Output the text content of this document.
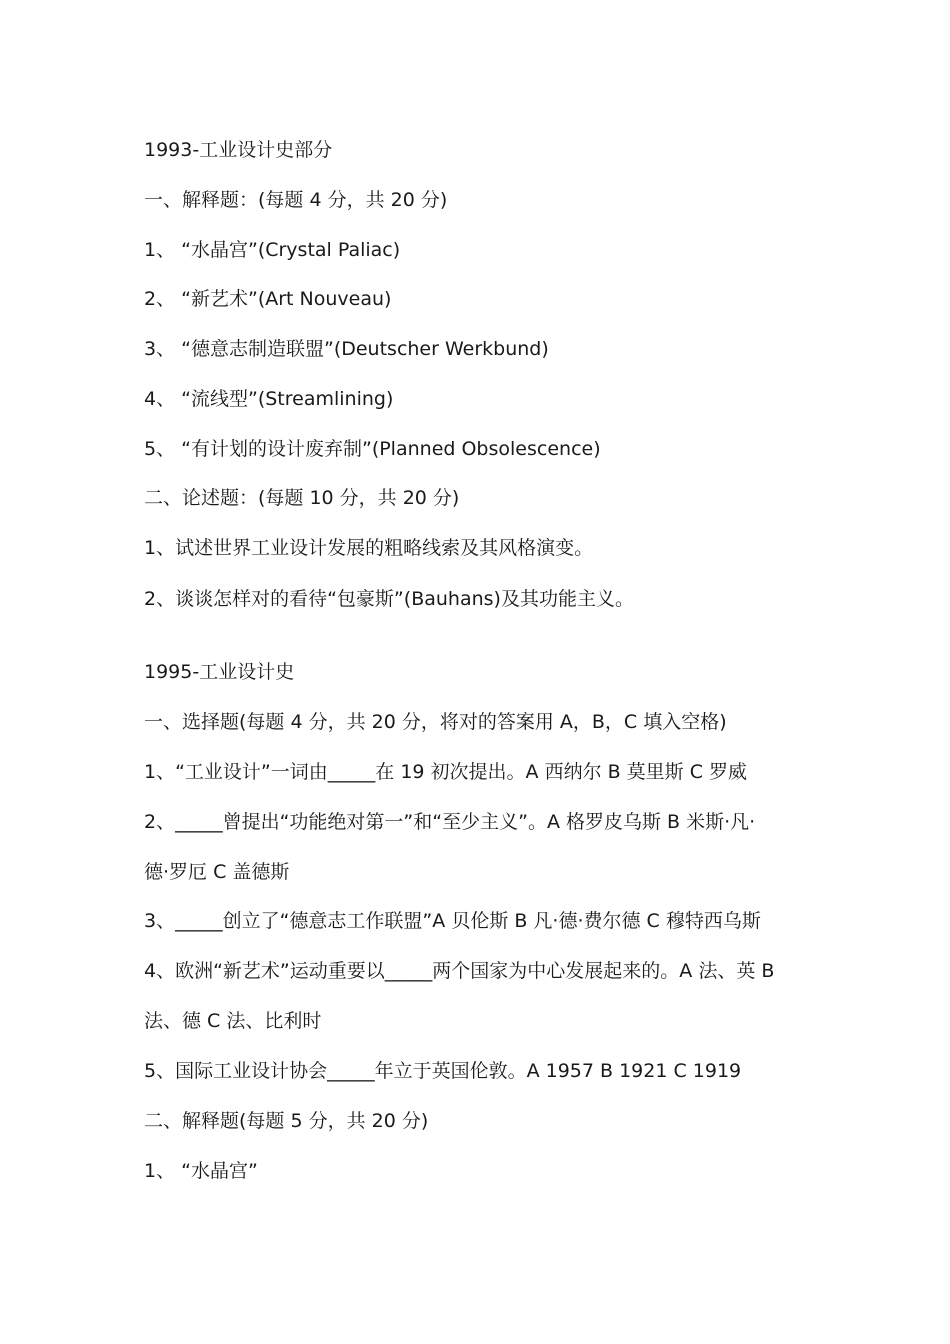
1993-工业设计史部分
一、解释题：(每题 4 分，共 20 分)
1、 “水晶宫”(Crystal Paliac)
2、 “新艺术”(Art Nouveau)
3、 “德意志制造联盟”(Deutscher Werkbund)
4、 “流线型”(Streamlining)
5、 “有计划的设计废弃制”(Planned Obsolescence)
二、论述题：(每题 10 分，共 20 分)
1、试述世界工业设计发展的粗略线索及其风格演变。
2、谈谈怎样对的看待“包豪斯”(Bauhans)及其功能主义。
1995-工业设计史
一、选择题(每题 4 分，共 20 分，将对的答案用 A，B，C 填入空格)
1、“工业设计”一词由_____在 19 初次提出。A 西纳尔 B 莫里斯 C 罗威
2、_____曾提出“功能绝对第一”和“至少主义”。A 格罗皮乌斯 B 米斯·凡·
德·罗厄 C 盖德斯
3、_____创立了“德意志工作联盟”A 贝伦斯 B 凡·德·费尔德 C 穆特西乌斯
4、欧洲“新艺术”运动重要以_____两个国家为中心发展起来的。A 法、英 B
法、德 C 法、比利时
5、国际工业设计协会_____年立于英国伦敦。A 1957 B 1921 C 1919
二、解释题(每题 5 分，共 20 分)
1、 “水晶宫”
